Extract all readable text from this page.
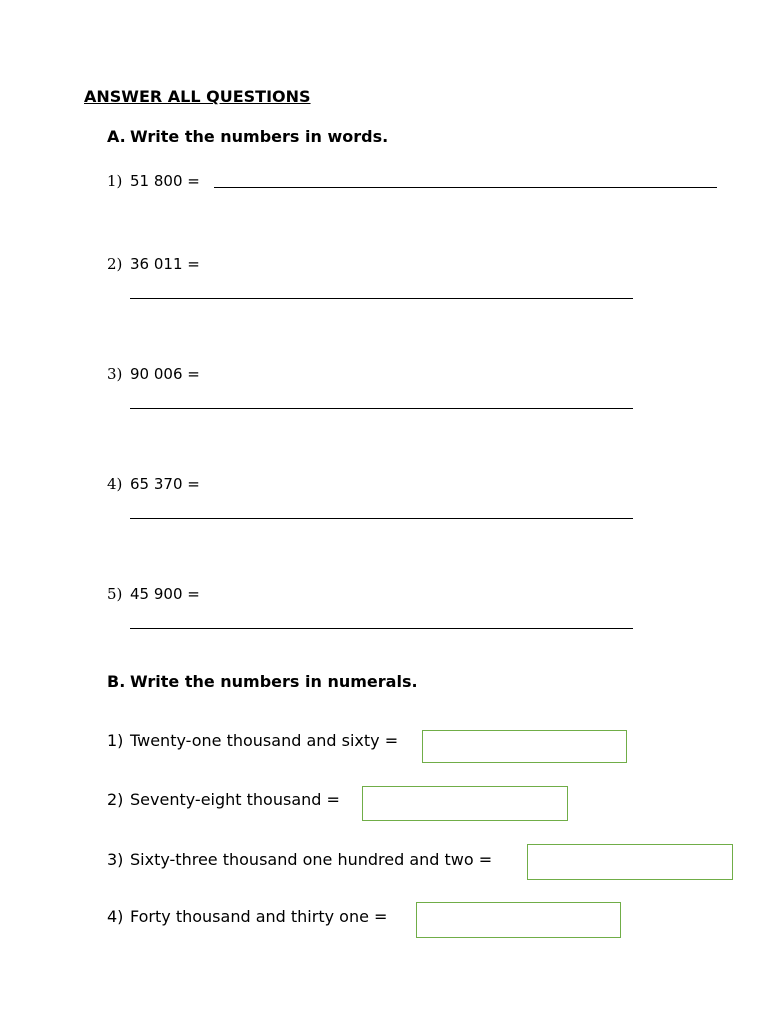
ANSWER ALL QUESTIONS
A. Write the numbers in words.
1) 51 800 =
2) 36 011 =
3) 90 006 =
4) 65 370 =
5) 45 900 =
B. Write the numbers in numerals.
1) Twenty-one thousand and sixty =
2) Seventy-eight thousand =
3) Sixty-three thousand one hundred and two =
4) Forty thousand and thirty one =
